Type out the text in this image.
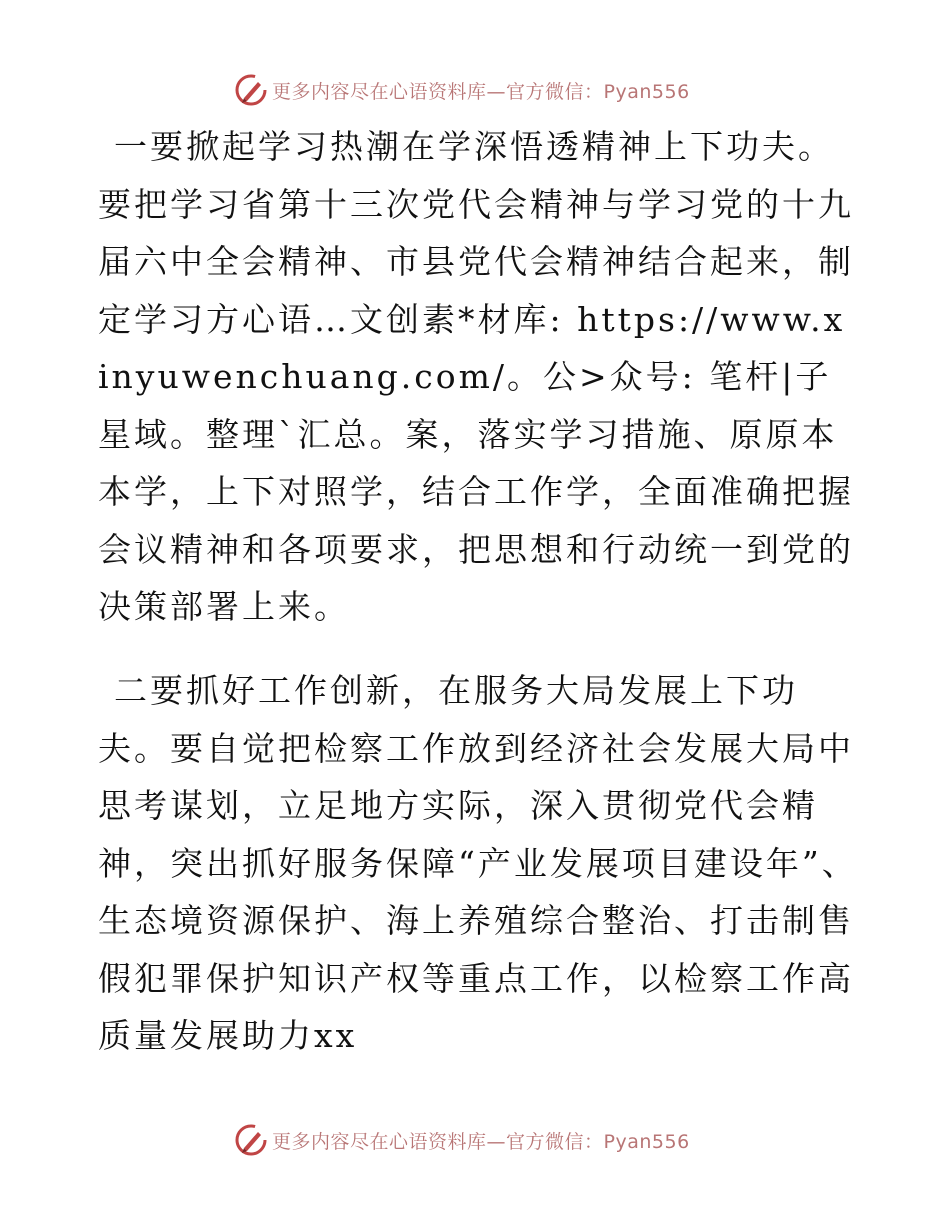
更多内容尽在心语资料库—官方微信：Pyan556

一要掀起学习热潮在学深悟透精神上下功夫。要把学习省第十三次党代会精神与学习党的十九届六中全会精神、市县党代会精神结合起来，制定学习方心语…文创素*材库: https://www.xinyuwenchuang.com/。公>众号: 笔杆|子星域。整理`汇总。案，落实学习措施、原原本本学，上下对照学，结合工作学，全面准确把握会议精神和各项要求，把思想和行动统一到党的决策部署上来。

二要抓好工作创新，在服务大局发展上下功夫。要自觉把检察工作放到经济社会发展大局中思考谋划，立足地方实际，深入贯彻党代会精神，突出抓好服务保障“产业发展项目建设年”、生态境资源保护、海上养殖综合整治、打击制售假犯罪保护知识产权等重点工作，以检察工作高质量发展助力xx

更多内容尽在心语资料库—官方微信：Pyan556
